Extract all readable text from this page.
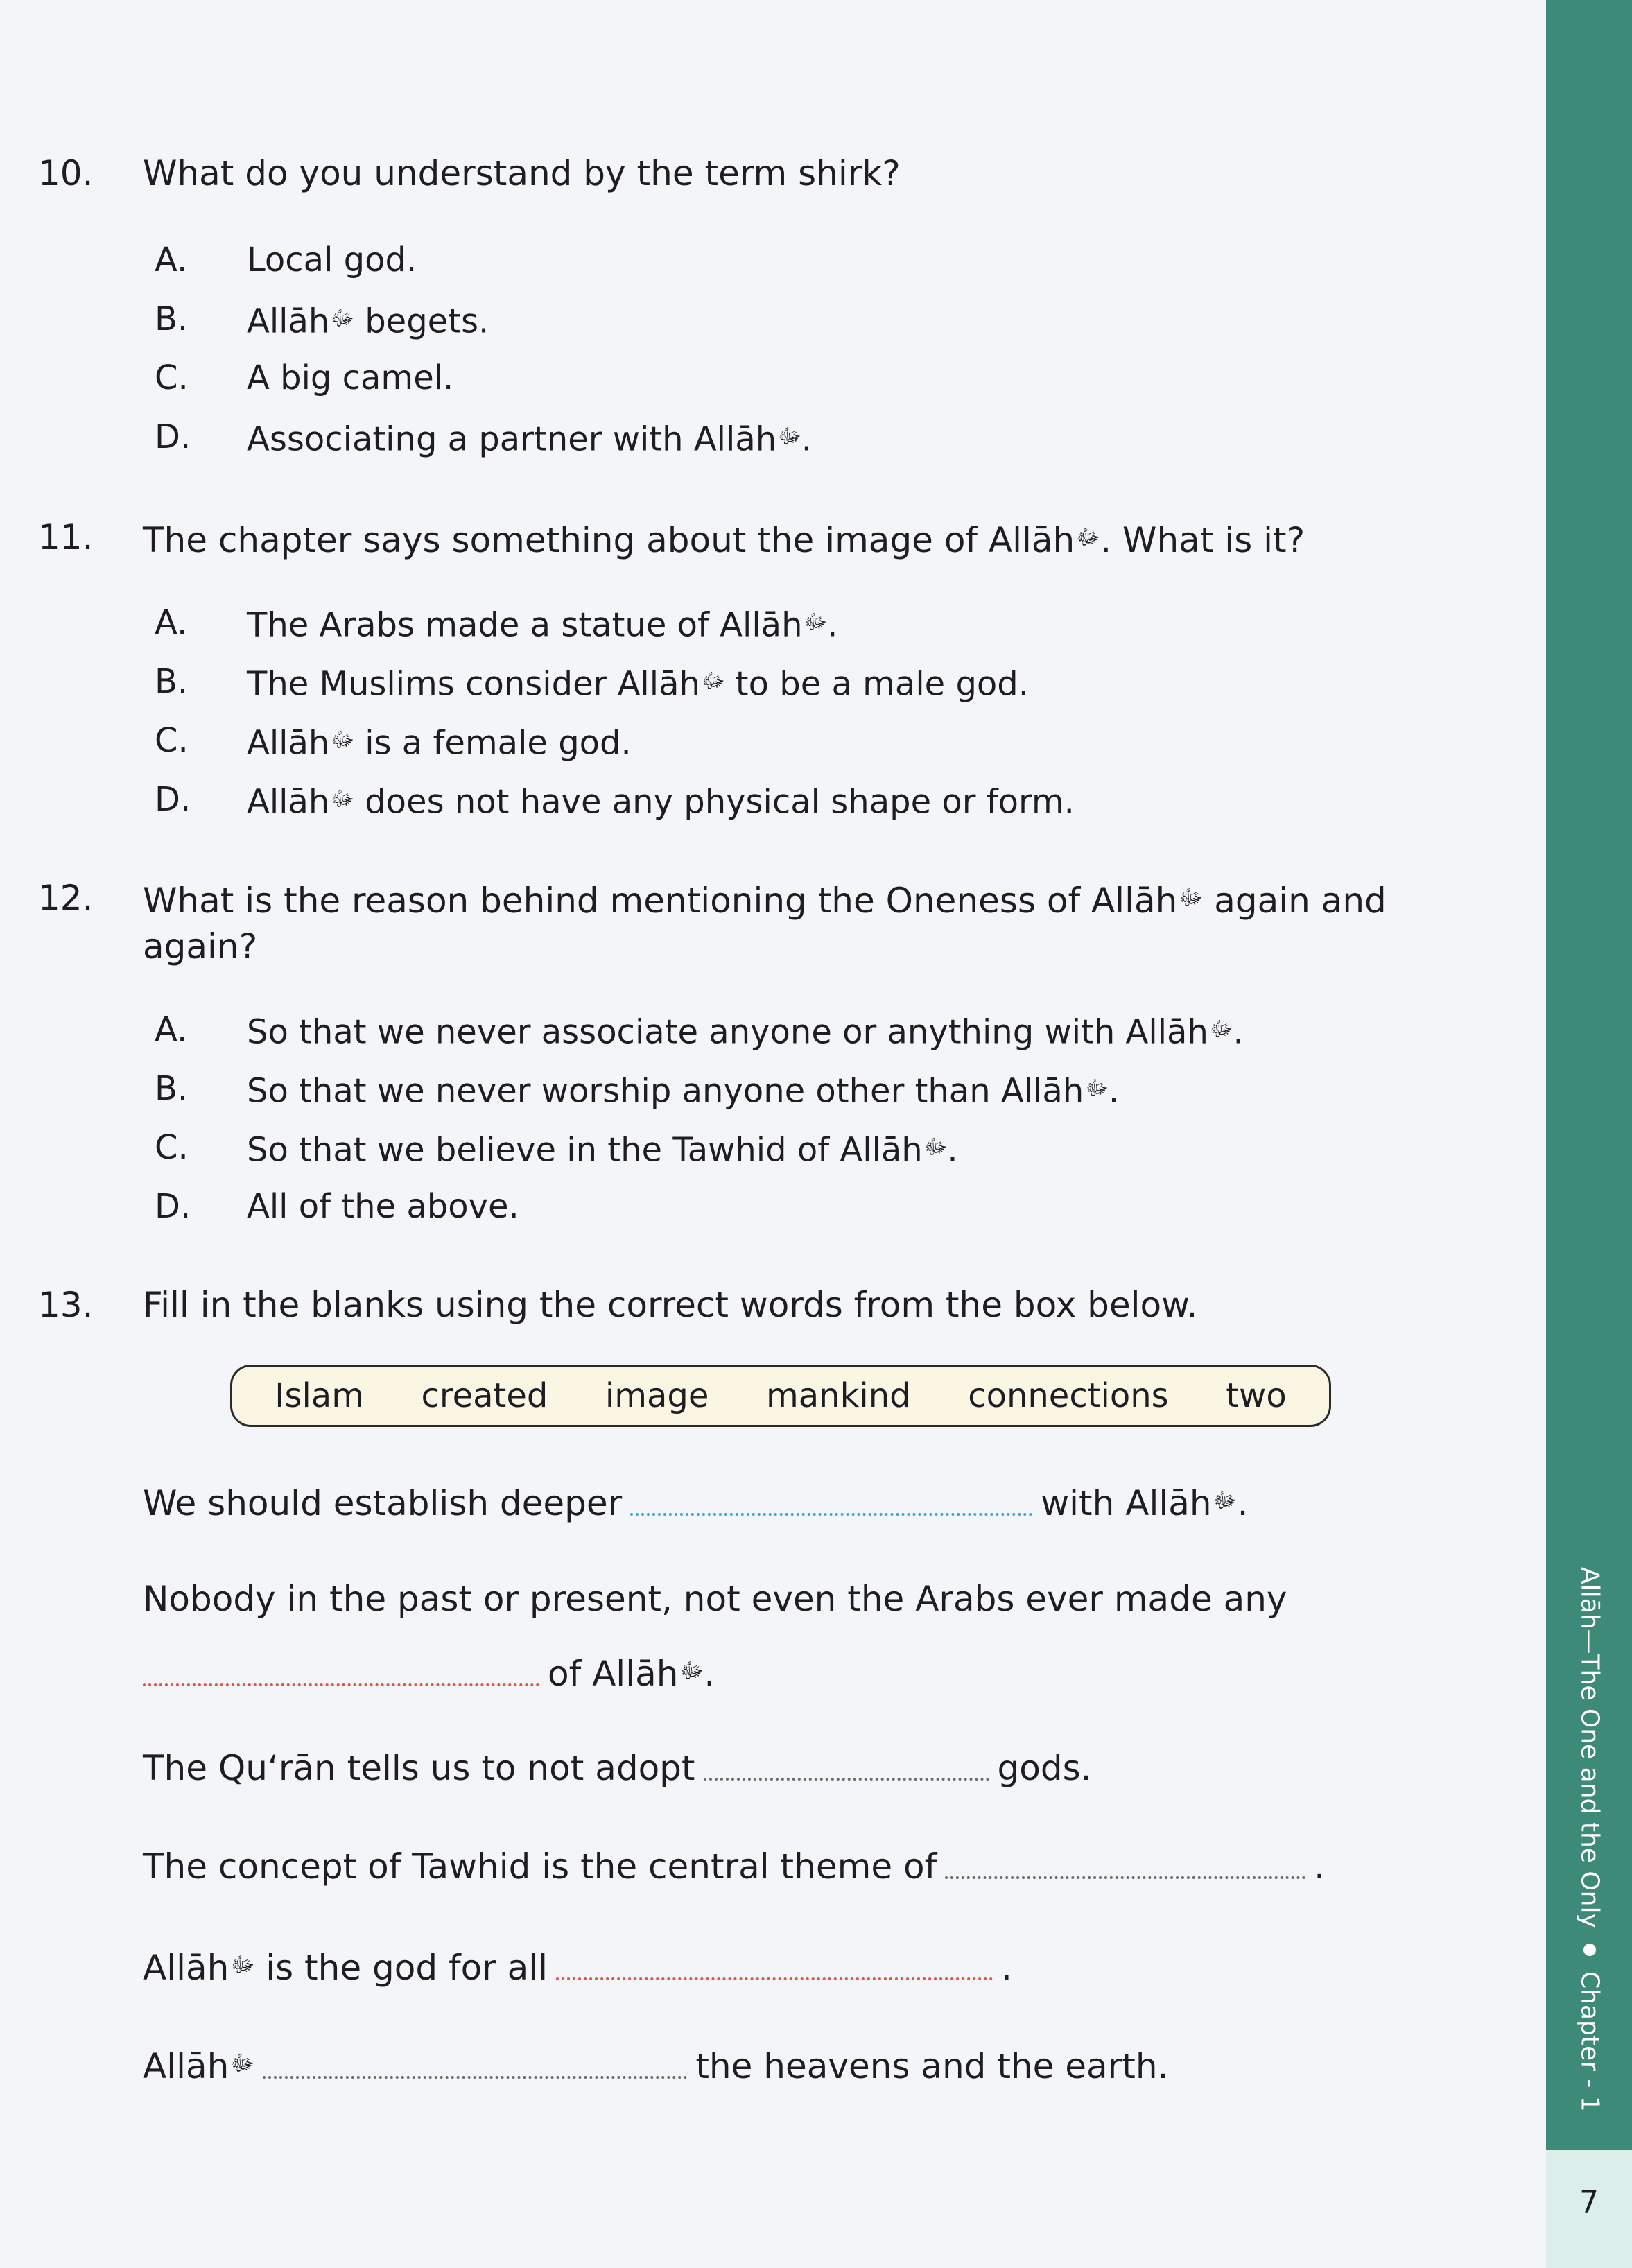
10. What do you understand by the term shirk?
A. Local god.
B. Allāh$^ﷻ$ begets.
C. A big camel.
D. Associating a partner with Allāh$^ﷻ$.
11. The chapter says something about the image of Allāh$^ﷻ$. What is it?
A. The Arabs made a statue of Allāh$^ﷻ$.
B. The Muslims consider Allāh$^ﷻ$ to be a male god.
C. Allāh$^ﷻ$ is a female god.
D. Allāh$^ﷻ$ does not have any physical shape or form.
12. What is the reason behind mentioning the Oneness of Allāh$^ﷻ$ again and again?
A. So that we never associate anyone or anything with Allāh$^ﷻ$.
B. So that we never worship anyone other than Allāh$^ﷻ$.
C. So that we believe in the Tawhid of Allāh$^ﷻ$.
D. All of the above.
13. Fill in the blanks using the correct words from the box below.
Islam created image mankind connections two
We should establish deeper	with Allāh$^ﷻ$.
Nobody in the past or present, not even the Arabs ever made any
of Allāh$^ﷻ$.
The Qu‘rān tells us to not adopt	gods.
The concept of Tawhid is the central theme of	.
Allāh$^ﷻ$ is the god for all	.
Allāh$^ﷻ$	the heavens and the earth.
Allāh—The One and the Only
Chapter - 1
7
